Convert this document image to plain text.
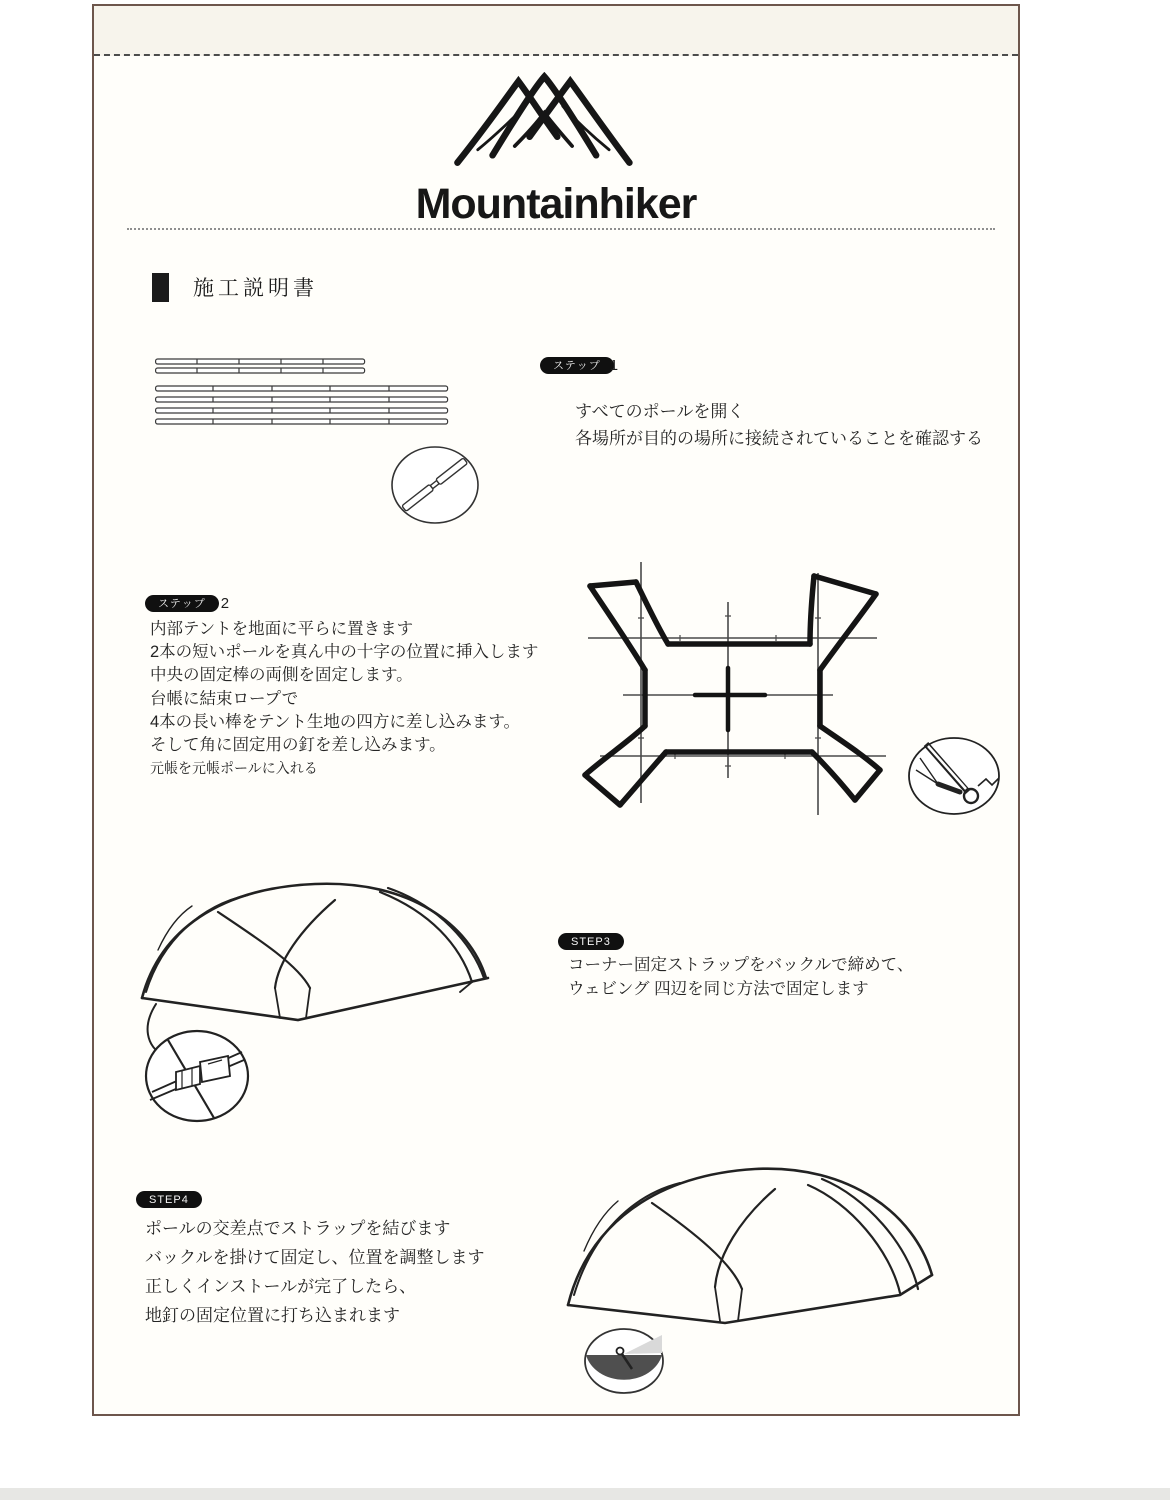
Mountainhiker
施工説明書
ステップ 1
すべてのポールを開く
各場所が目的の場所に接続されていることを確認する
ステップ	2
内部テントを地面に平らに置きます
2本の短いポールを真ん中の十字の位置に挿入します
中央の固定棒の両側を固定します。
台帳に結束ロープで
4本の長い棒をテント生地の四方に差し込みます。
そして角に固定用の釘を差し込みます。
元帳を元帳ポールに入れる
STEP3
コーナー固定ストラップをバックルで締めて、
ウェビング 四辺を同じ方法で固定します
STEP4
ポールの交差点でストラップを結びます
バックルを掛けて固定し、位置を調整します
正しくインストールが完了したら、
地釘の固定位置に打ち込まれます
